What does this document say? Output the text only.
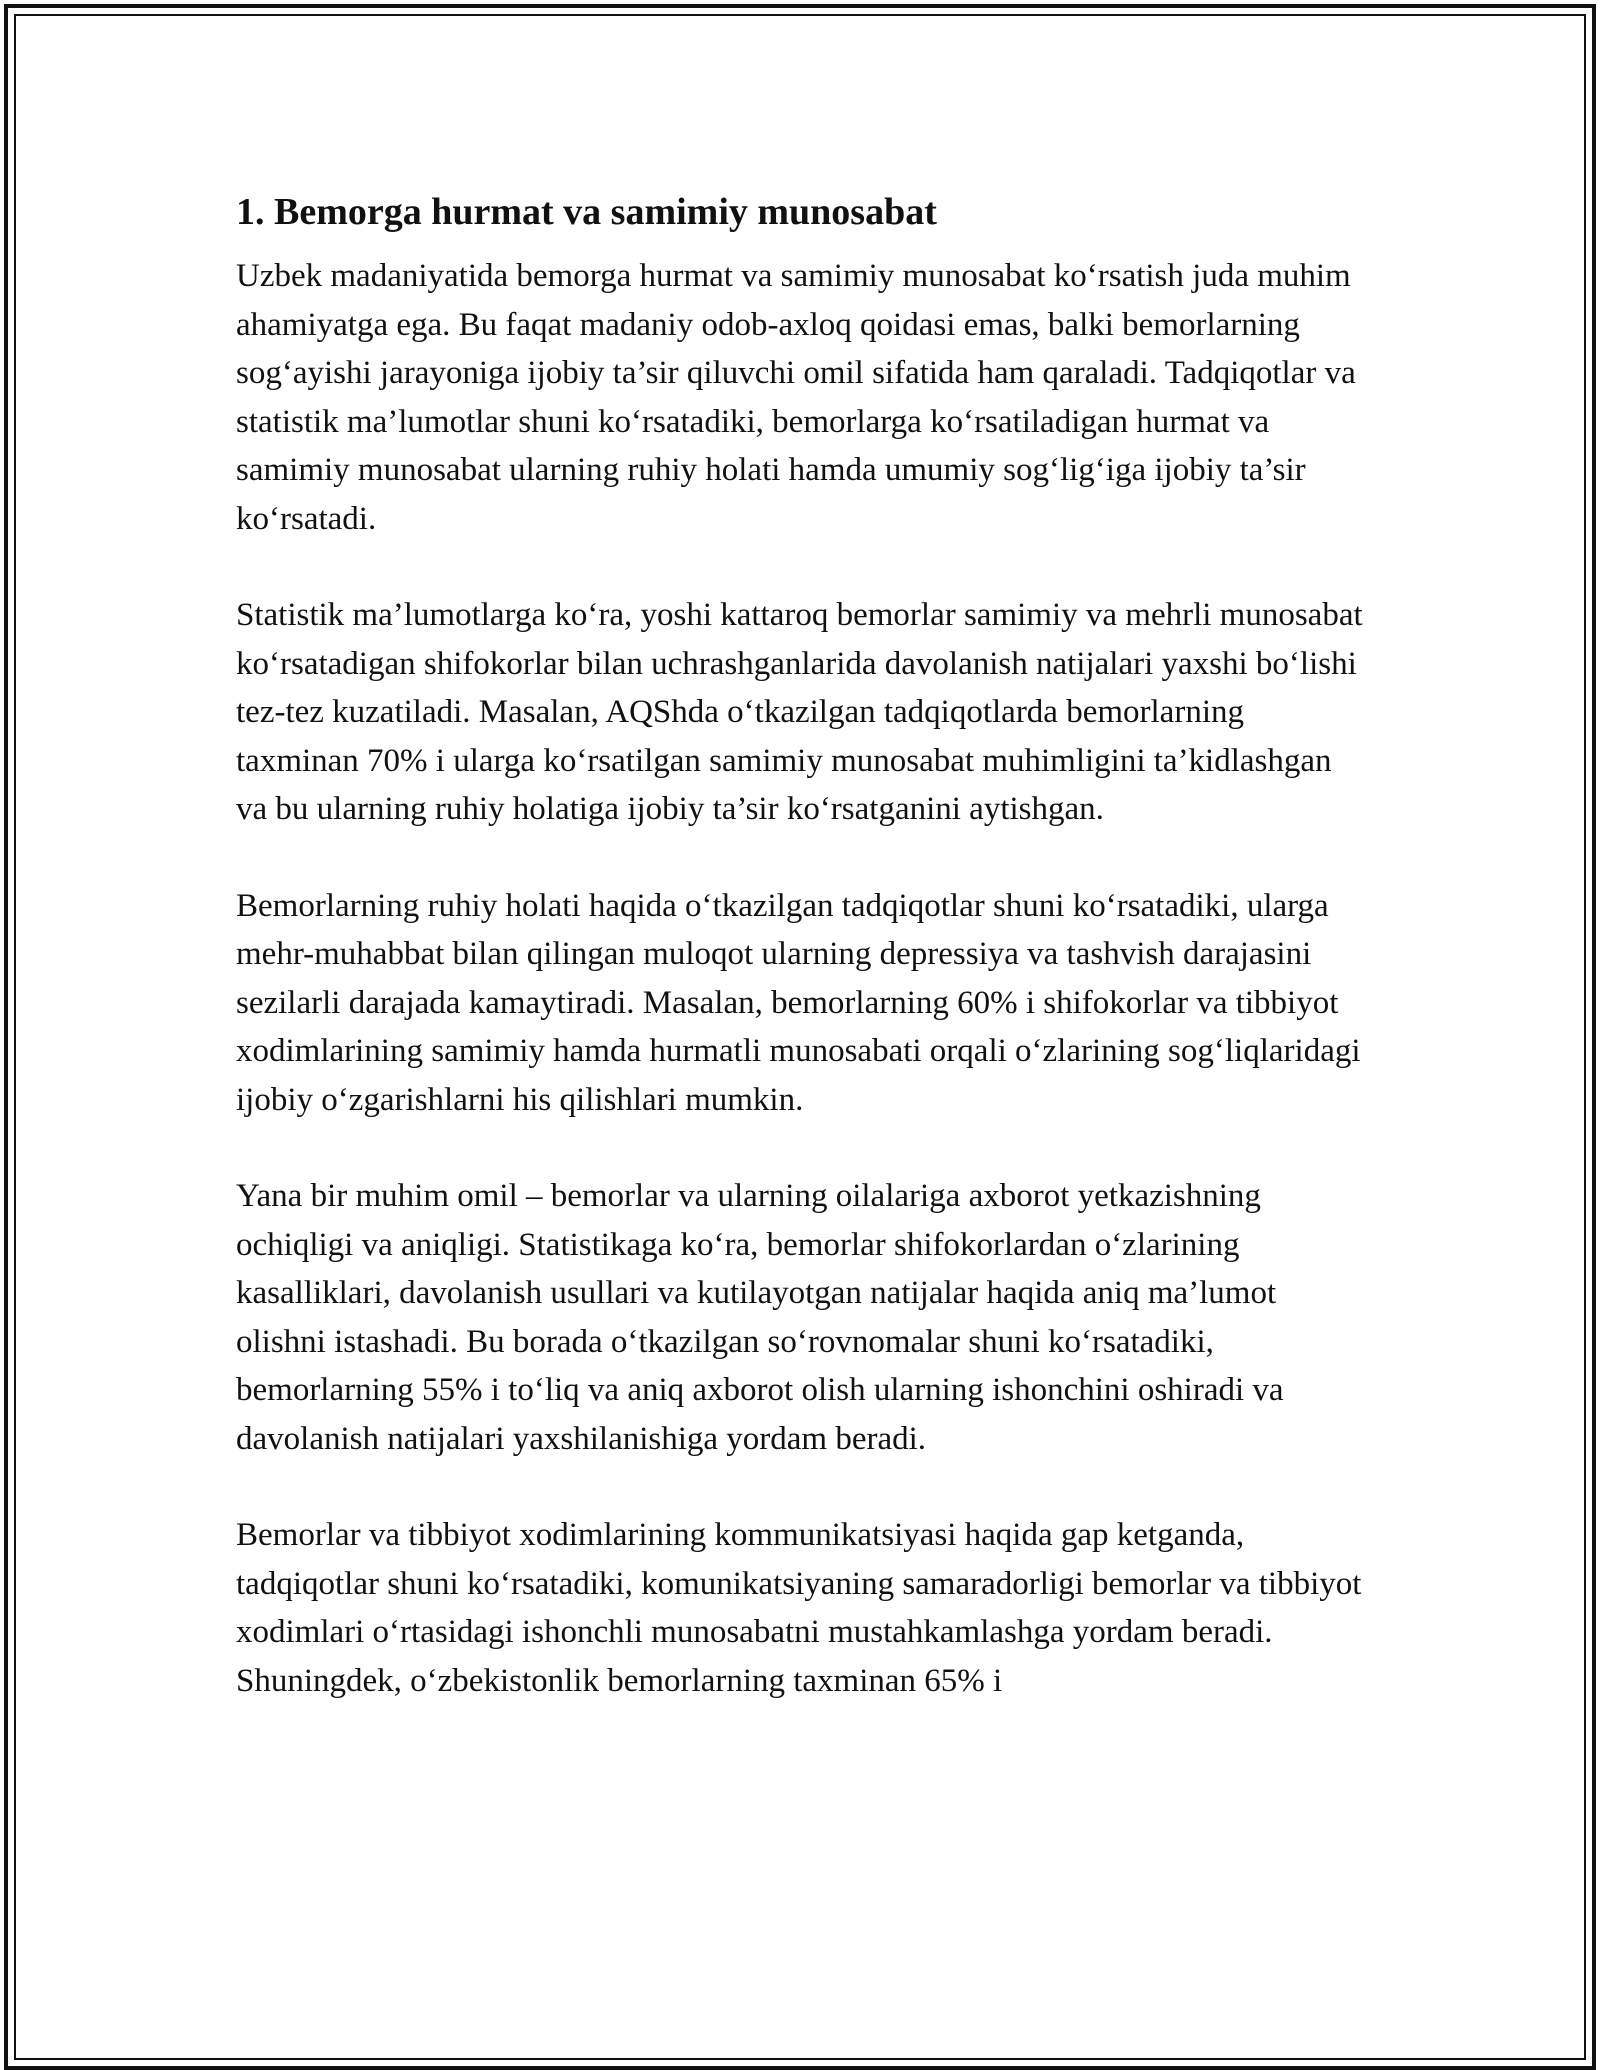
1. Bemorga hurmat va samimiy munosabat

Uzbek madaniyatida bemorga hurmat va samimiy munosabat ko‘rsatish juda muhim ahamiyatga ega. Bu faqat madaniy odob-axloq qoidasi emas, balki bemorlarning sog‘ayishi jarayoniga ijobiy ta’sir qiluvchi omil sifatida ham qaraladi. Tadqiqotlar va statistik ma’lumotlar shuni ko‘rsatadiki, bemorlarga ko‘rsatiladigan hurmat va samimiy munosabat ularning ruhiy holati hamda umumiy sog‘lig‘iga ijobiy ta’sir ko‘rsatadi.

Statistik ma’lumotlarga ko‘ra, yoshi kattaroq bemorlar samimiy va mehrli munosabat ko‘rsatadigan shifokorlar bilan uchrashganlarida davolanish natijalari yaxshi bo‘lishi tez-tez kuzatiladi. Masalan, AQShda o‘tkazilgan tadqiqotlarda bemorlarning taxminan 70% i ularga ko‘rsatilgan samimiy munosabat muhimligini ta’kidlashgan va bu ularning ruhiy holatiga ijobiy ta’sir ko‘rsatganini aytishgan.

Bemorlarning ruhiy holati haqida o‘tkazilgan tadqiqotlar shuni ko‘rsatadiki, ularga mehr-muhabbat bilan qilingan muloqot ularning depressiya va tashvish darajasini sezilarli darajada kamaytiradi. Masalan, bemorlarning 60% i shifokorlar va tibbiyot xodimlarining samimiy hamda hurmatli munosabati orqali o‘zlarining sog‘liqlaridagi ijobiy o‘zgarishlarni his qilishlari mumkin.

Yana bir muhim omil – bemorlar va ularning oilalariga axborot yetkazishning ochiqligi va aniqligi. Statistikaga ko‘ra, bemorlar shifokorlardan o‘zlarining kasalliklari, davolanish usullari va kutilayotgan natijalar haqida aniq ma’lumot olishni istashadi. Bu borada o‘tkazilgan so‘rovnomalar shuni ko‘rsatadiki, bemorlarning 55% i to‘liq va aniq axborot olish ularning ishonchini oshiradi va davolanish natijalari yaxshilanishiga yordam beradi.

Bemorlar va tibbiyot xodimlarining kommunikatsiyasi haqida gap ketganda, tadqiqotlar shuni ko‘rsatadiki, komunikatsiyaning samaradorligi bemorlar va tibbiyot xodimlari o‘rtasidagi ishonchli munosabatni mustahkamlashga yordam beradi. Shuningdek, o‘zbekistonlik bemorlarning taxminan 65% i
